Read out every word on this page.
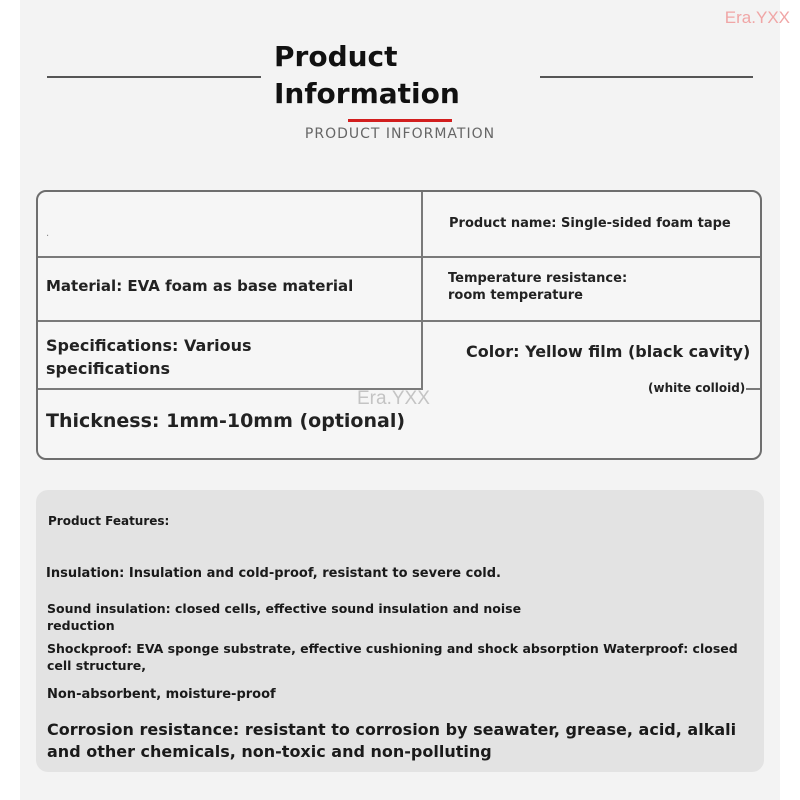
Era.YXX
Product
Information
PRODUCT INFORMATION
.
Product name: Single-sided foam tape
Material: EVA foam as base material	Temperature resistance:
room temperature
Specifications: Various
specifications
Color: Yellow film (black cavity)
(white colloid)
Thickness: 1mm-10mm (optional)
Era.YXX
Product Features:
Insulation: Insulation and cold-proof, resistant to severe cold.
Sound insulation: closed cells, effective sound insulation and noise
reduction
Shockproof: EVA sponge substrate, effective cushioning and shock absorption Waterproof: closed
cell structure,
Non-absorbent, moisture-proof
Corrosion resistance: resistant to corrosion by seawater, grease, acid, alkali
and other chemicals, non-toxic and non-polluting
